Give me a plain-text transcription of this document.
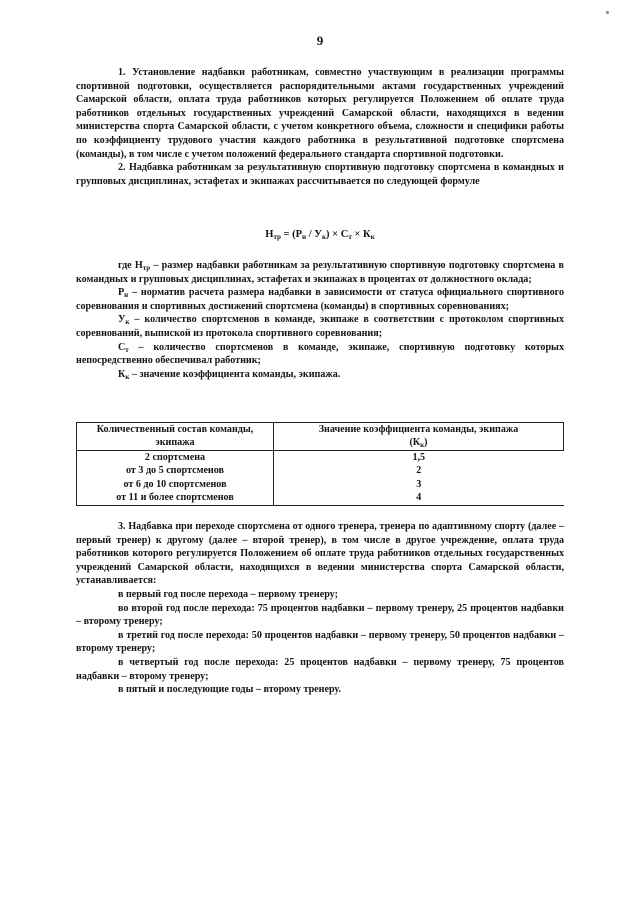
9

1. Установление надбавки работникам, совместно участвующим в реализации программы спортивной подготовки, осуществляется распорядительными актами государственных учреждений Самарской области, оплата труда работников которых регулируется Положением об оплате труда работников отдельных государственных учреждений Самарской области, находящихся в ведении министерства спорта Самарской области, с учетом конкретного объема, сложности и специфики работы по коэффициенту трудового участия каждого работника в результативной подготовке спортсмена (команды), в том числе с учетом положений федерального стандарта спортивной подготовки.

2. Надбавка работникам за результативную спортивную подготовку спортсмена в командных и групповых дисциплинах, эстафетах и экипажах рассчитывается по следующей формуле

$Н_{тр} = (Р_н / У_к) \times С_т \times К_к$

где $Н_{тр}$ – размер надбавки работникам за результативную спортивную подготовку спортсмена в командных и групповых дисциплинах, эстафетах и экипажах в процентах от должностного оклада;

$Р_н$ – норматив расчета размера надбавки в зависимости от статуса официального спортивного соревнования и спортивных достижений спортсмена (команды) в спортивных соревнованиях;

$У_к$ – количество спортсменов в команде, экипаже в соответствии с протоколом спортивных соревнований, выпиской из протокола спортивного соревнования;

$С_т$ – количество спортсменов в команде, экипаже, спортивную подготовку которых непосредственно обеспечивал работник;

$К_к$ – значение коэффициента команды, экипажа.

Количественный состав команды, экипажа	Значение коэффициента команды, экипажа
$(К_к)$
2 спортсмена	1,5
от 3 до 5 спортсменов	2
от 6 до 10 спортсменов	3
от 11 и более спортсменов	4

3. Надбавка при переходе спортсмена от одного тренера, тренера по адаптивному спорту (далее – первый тренер) к другому (далее – второй тренер), в том числе в другое учреждение, оплата труда работников которого регулируется Положением об оплате труда работников отдельных государственных учреждений Самарской области, находящихся в ведении министерства спорта Самарской области, устанавливается:

в первый год после перехода – первому тренеру;

во второй год после перехода: 75 процентов надбавки – первому тренеру, 25 процентов надбавки – второму тренеру;

в третий год после перехода: 50 процентов надбавки – первому тренеру, 50 процентов надбавки – второму тренеру;

в четвертый год после перехода: 25 процентов надбавки – первому тренеру, 75 процентов надбавки – второму тренеру;

в пятый и последующие годы – второму тренеру.
